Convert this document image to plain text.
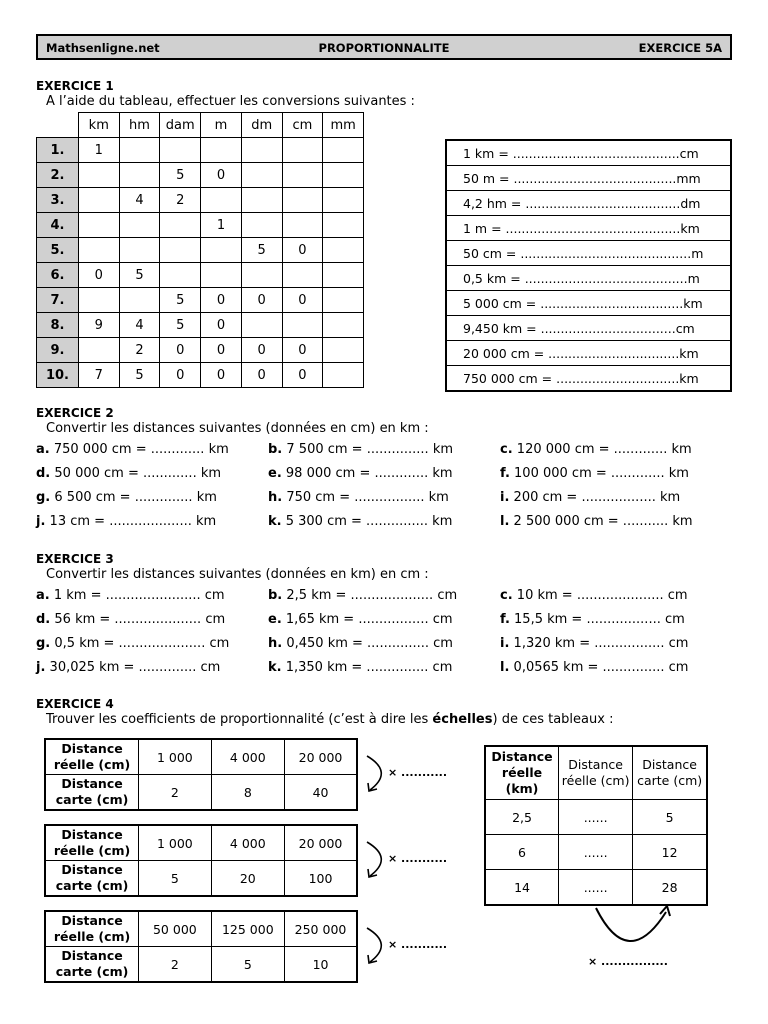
Mathsenligne.net	PROPORTIONNALITE	EXERCICE 5A
EXERCICE 1
A l’aide du tableau, effectuer les conversions suivantes :
	km	hm	dam	m	dm	cm	mm
1.	1						
2.			5	0			
3.		4	2				
4.				1			
5.					5	0	
6.	0	5					
7.			5	0	0	0	
8.	9	4	5	0			
9.		2	0	0	0	0	
10.	7	5	0	0	0	0	
1 km = ..........................................cm
50 m = .........................................mm
4,2 hm = .......................................dm
1 m = ............................................km
50 cm = ...........................................m
0,5 km = .........................................m
5 000 cm = ....................................km
9,450 km = ..................................cm
20 000 cm = .................................km
750 000 cm = ...............................km
EXERCICE 2
Convertir les distances suivantes (données en cm) en km :
a. 750 000 cm = ............. km	b. 7 500 cm = ............... km	c. 120 000 cm = ............. km
d. 50 000 cm = ............. km	e. 98 000 cm = ............. km	f. 100 000 cm = ............. km
g. 6 500 cm = .............. km	h. 750 cm = ................. km	i. 200 cm = .................. km
j. 13 cm = .................... km	k. 5 300 cm = ............... km	l. 2 500 000 cm = ........... km
EXERCICE 3
Convertir les distances suivantes (données en km) en cm :
a. 1 km = ....................... cm	b. 2,5 km = .................... cm	c. 10 km = ..................... cm
d. 56 km = ..................... cm	e. 1,65 km = ................. cm	f. 15,5 km = .................. cm
g. 0,5 km = ..................... cm	h. 0,450 km = ............... cm	i. 1,320 km = ................. cm
j. 30,025 km = .............. cm	k. 1,350 km = ............... cm	l. 0,0565 km = ............... cm
EXERCICE 4
Trouver les coefficients de proportionnalité (c’est à dire les échelles) de ces tableaux :
Distance réelle (cm)	1 000	4 000	20 000
Distance carte (cm)	2	8	40
× ...........
Distance réelle (cm)	1 000	4 000	20 000
Distance carte (cm)	5	20	100
× ...........
Distance réelle (cm)	50 000	125 000	250 000
Distance carte (cm)	2	5	10
× ...........
Distance réelle (km)	Distance réelle (cm)	Distance carte (cm)
2,5	......	5
6	......	12
14	......	28
× ................
